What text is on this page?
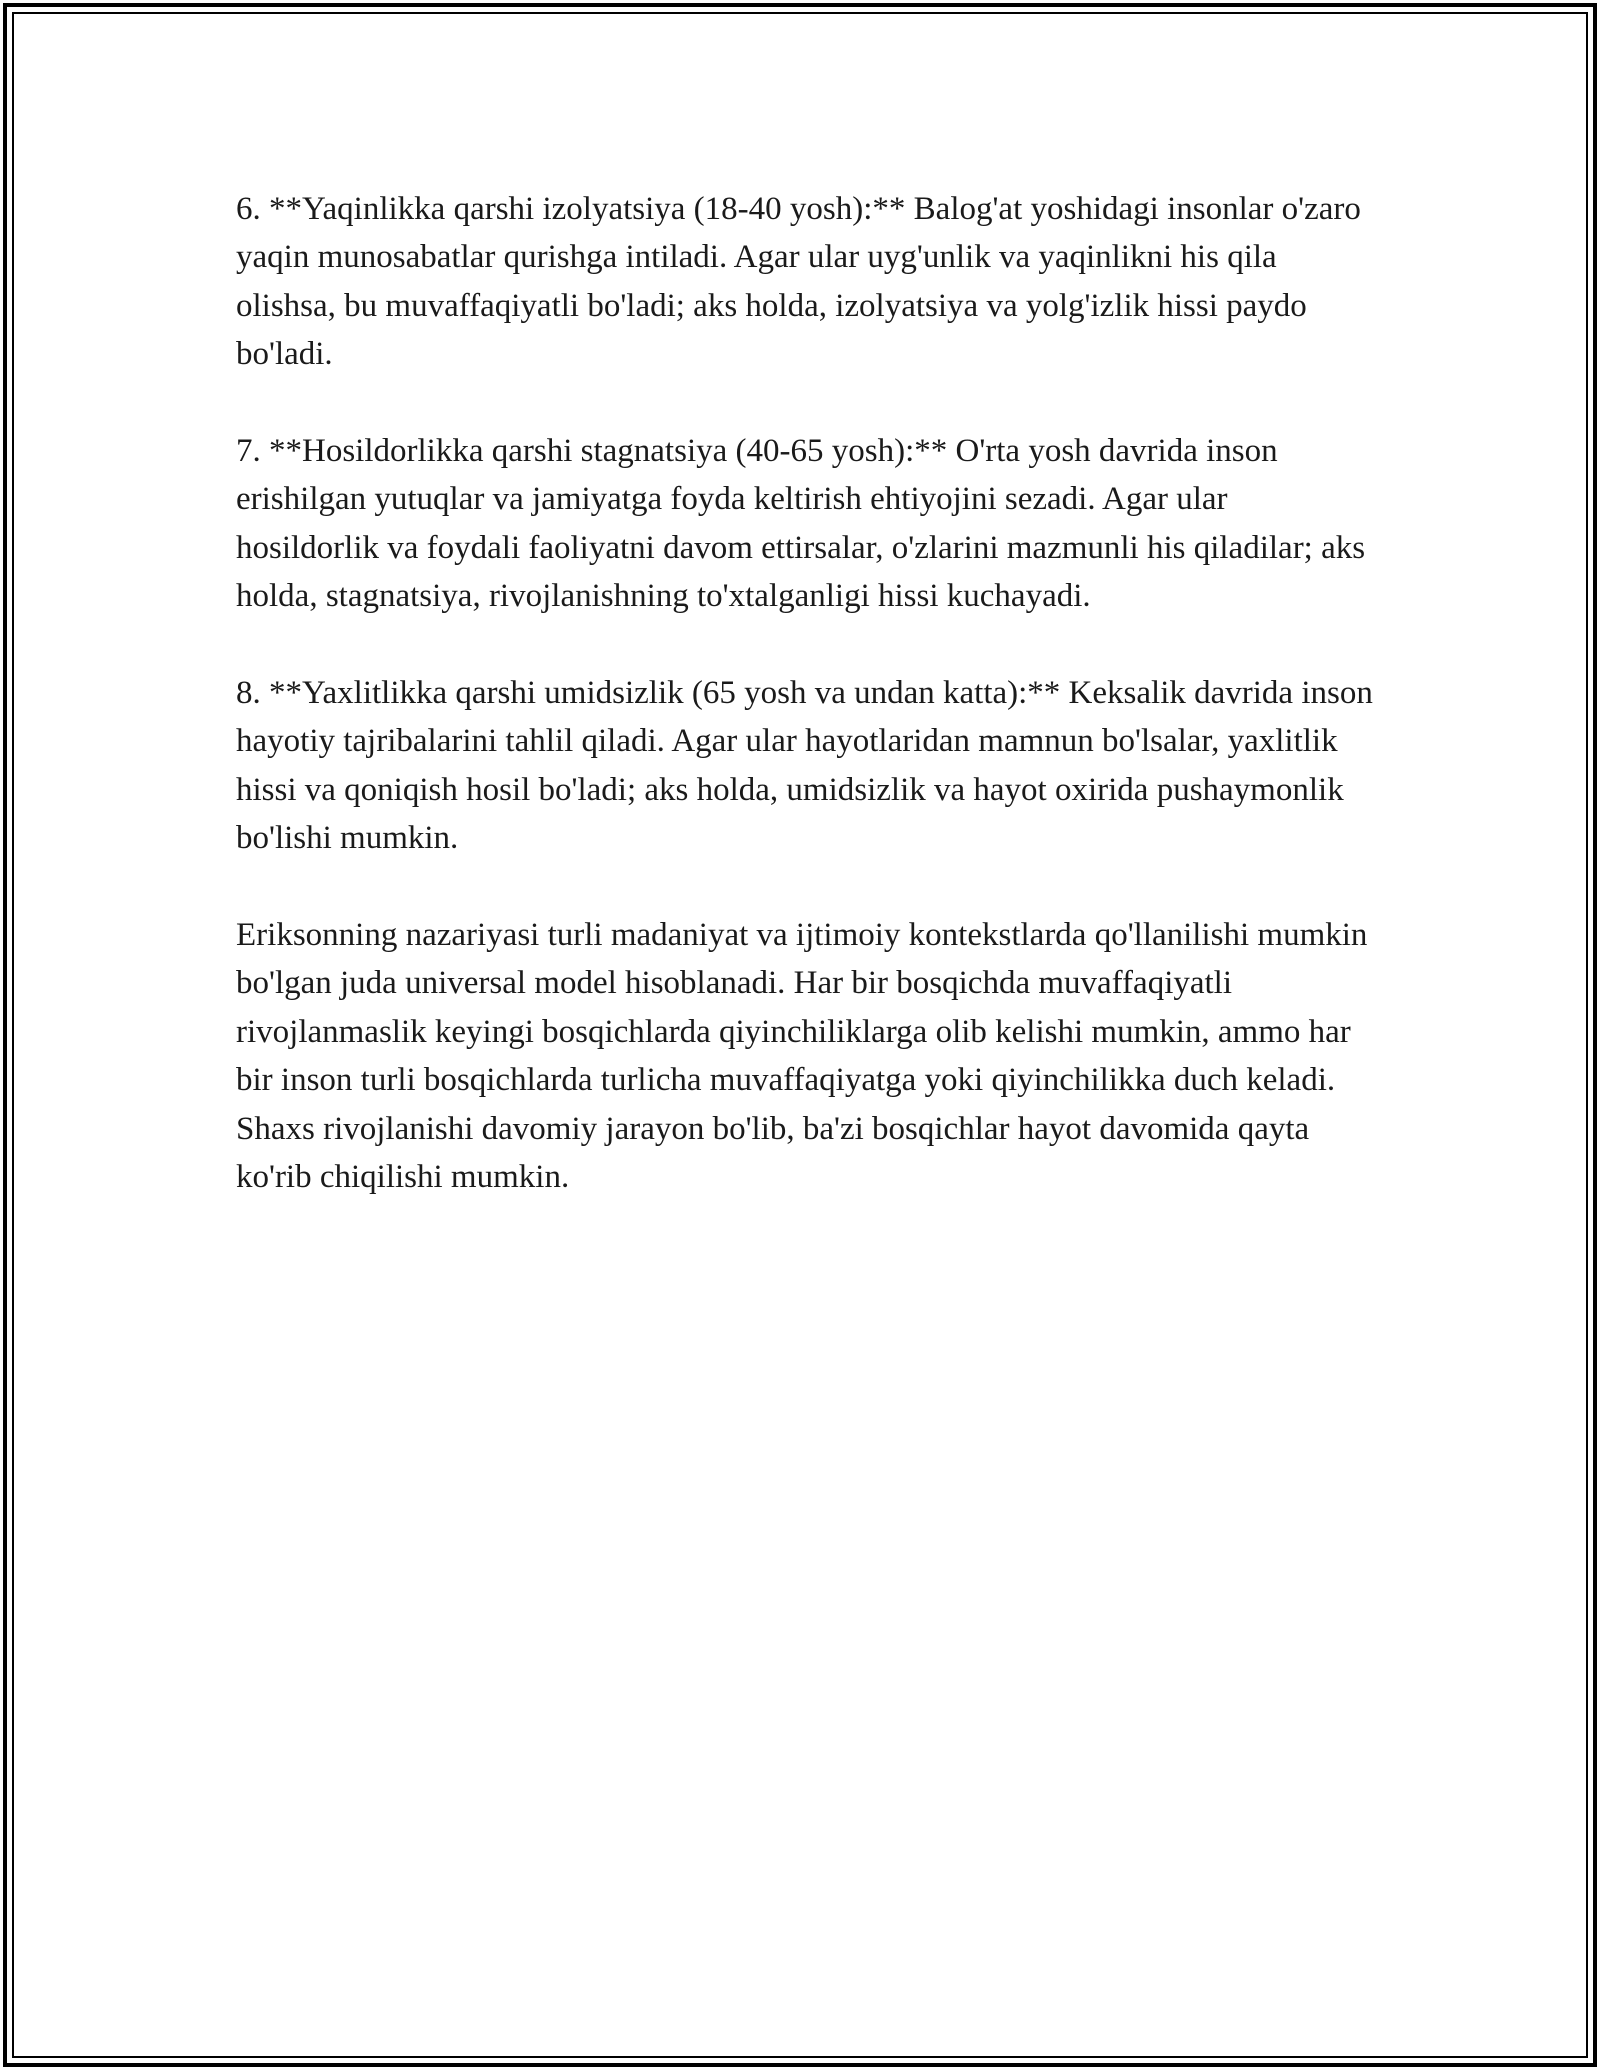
6. **Yaqinlikka qarshi izolyatsiya (18-40 yosh):** Balog'at yoshidagi insonlar o'zaro yaqin munosabatlar qurishga intiladi. Agar ular uyg'unlik va yaqinlikni his qila olishsa, bu muvaffaqiyatli bo'ladi; aks holda, izolyatsiya va yolg'izlik hissi paydo bo'ladi.

7. **Hosildorlikka qarshi stagnatsiya (40-65 yosh):** O'rta yosh davrida inson erishilgan yutuqlar va jamiyatga foyda keltirish ehtiyojini sezadi. Agar ular hosildorlik va foydali faoliyatni davom ettirsalar, o'zlarini mazmunli his qiladilar; aks holda, stagnatsiya, rivojlanishning to'xtalganligi hissi kuchayadi.

8. **Yaxlitlikka qarshi umidsizlik (65 yosh va undan katta):** Keksalik davrida inson hayotiy tajribalarini tahlil qiladi. Agar ular hayotlaridan mamnun bo'lsalar, yaxlitlik hissi va qoniqish hosil bo'ladi; aks holda, umidsizlik va hayot oxirida pushaymonlik bo'lishi mumkin.

Eriksonning nazariyasi turli madaniyat va ijtimoiy kontekstlarda qo'llanilishi mumkin bo'lgan juda universal model hisoblanadi. Har bir bosqichda muvaffaqiyatli rivojlanmaslik keyingi bosqichlarda qiyinchiliklarga olib kelishi mumkin, ammo har bir inson turli bosqichlarda turlicha muvaffaqiyatga yoki qiyinchilikka duch keladi. Shaxs rivojlanishi davomiy jarayon bo'lib, ba'zi bosqichlar hayot davomida qayta ko'rib chiqilishi mumkin.
